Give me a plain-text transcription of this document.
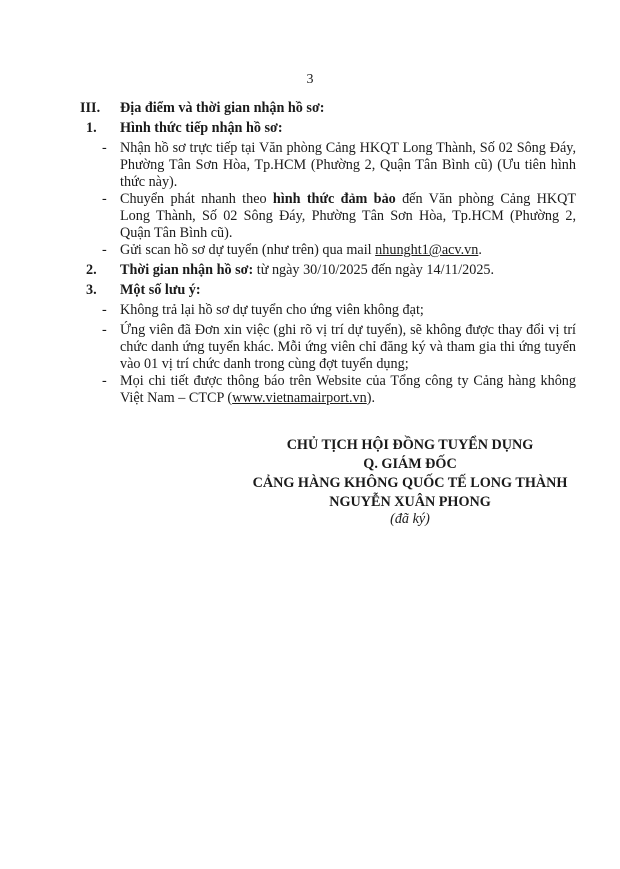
3
III. Địa điểm và thời gian nhận hồ sơ:
1. Hình thức tiếp nhận hồ sơ:
- Nhận hồ sơ trực tiếp tại Văn phòng Cảng HKQT Long Thành, Số 02 Sông Đáy, Phường Tân Sơn Hòa, Tp.HCM (Phường 2, Quận Tân Bình cũ) (Ưu tiên hình thức này).
- Chuyển phát nhanh theo hình thức đảm bảo đến Văn phòng Cảng HKQT Long Thành, Số 02 Sông Đáy, Phường Tân Sơn Hòa, Tp.HCM (Phường 2, Quận Tân Bình cũ).
- Gửi scan hồ sơ dự tuyển (như trên) qua mail nhunght1@acv.vn.
2. Thời gian nhận hồ sơ: từ ngày 30/10/2025 đến ngày 14/11/2025.
3. Một số lưu ý:
- Không trả lại hồ sơ dự tuyển cho ứng viên không đạt;
- Ứng viên đã Đơn xin việc (ghi rõ vị trí dự tuyển), sẽ không được thay đổi vị trí chức danh ứng tuyển khác. Mỗi ứng viên chỉ đăng ký và tham gia thi ứng tuyển vào 01 vị trí chức danh trong cùng đợt tuyển dụng;
- Mọi chi tiết được thông báo trên Website của Tổng công ty Cảng hàng không Việt Nam – CTCP (www.vietnamairport.vn).
CHỦ TỊCH HỘI ĐỒNG TUYỂN DỤNG
Q. GIÁM ĐỐC
CẢNG HÀNG KHÔNG QUỐC TẾ LONG THÀNH
NGUYỄN XUÂN PHONG
(đã ký)
